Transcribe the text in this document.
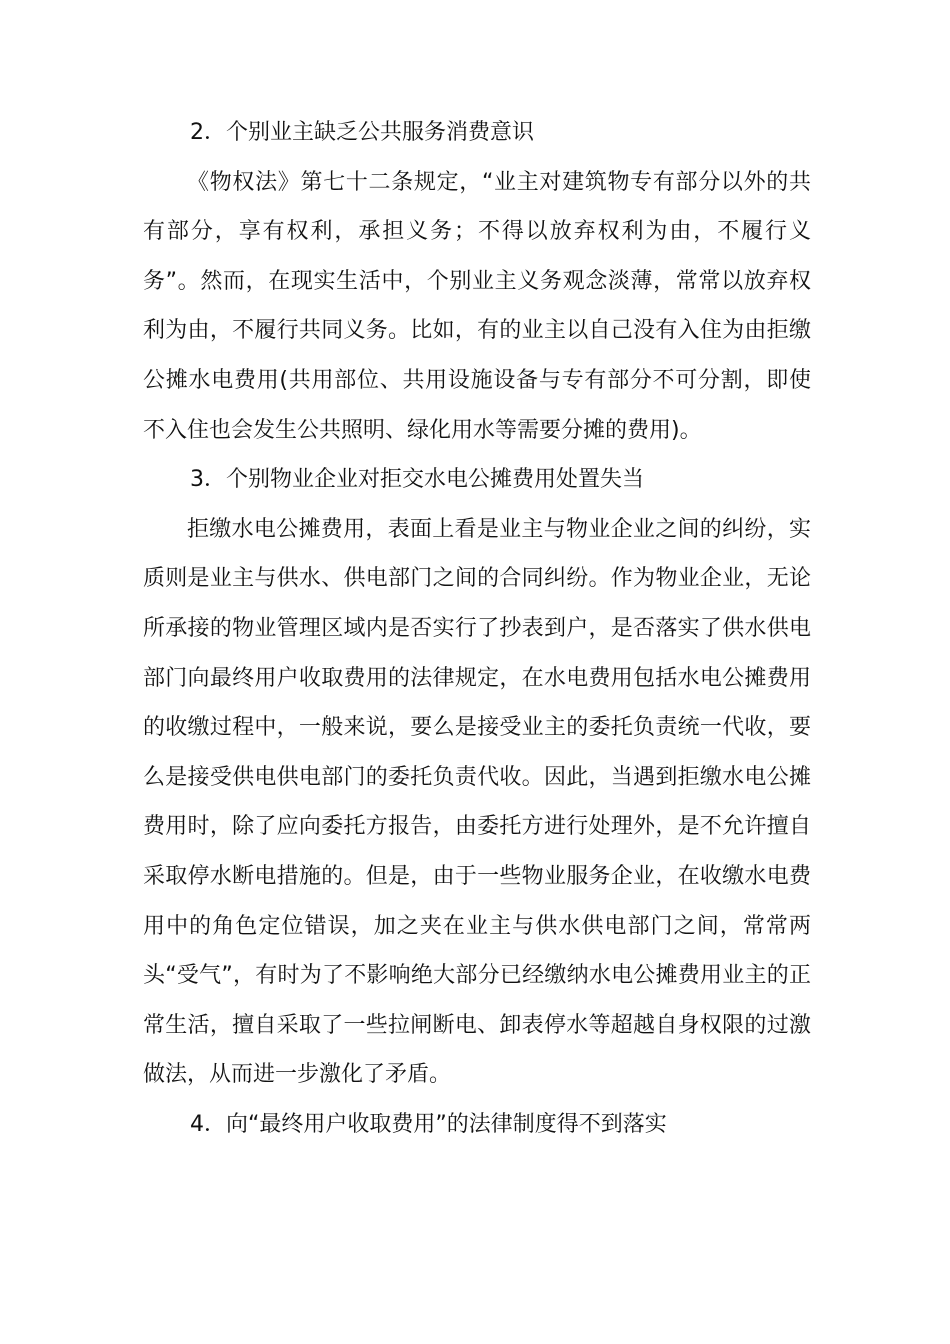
2．个别业主缺乏公共服务消费意识

《物权法》第七十二条规定，“业主对建筑物专有部分以外的共有部分，享有权利，承担义务；不得以放弃权利为由，不履行义务”。然而，在现实生活中，个别业主义务观念淡薄，常常以放弃权利为由，不履行共同义务。比如，有的业主以自己没有入住为由拒缴公摊水电费用(共用部位、共用设施设备与专有部分不可分割，即使不入住也会发生公共照明、绿化用水等需要分摊的费用)。

3．个别物业企业对拒交水电公摊费用处置失当

拒缴水电公摊费用，表面上看是业主与物业企业之间的纠纷，实质则是业主与供水、供电部门之间的合同纠纷。作为物业企业，无论所承接的物业管理区域内是否实行了抄表到户，是否落实了供水供电部门向最终用户收取费用的法律规定，在水电费用包括水电公摊费用的收缴过程中，一般来说，要么是接受业主的委托负责统一代收，要么是接受供电供电部门的委托负责代收。因此，当遇到拒缴水电公摊费用时，除了应向委托方报告，由委托方进行处理外，是不允许擅自采取停水断电措施的。但是，由于一些物业服务企业，在收缴水电费用中的角色定位错误，加之夹在业主与供水供电部门之间，常常两头“受气”，有时为了不影响绝大部分已经缴纳水电公摊费用业主的正常生活，擅自采取了一些拉闸断电、卸表停水等超越自身权限的过激做法，从而进一步激化了矛盾。

4．向“最终用户收取费用”的法律制度得不到落实
